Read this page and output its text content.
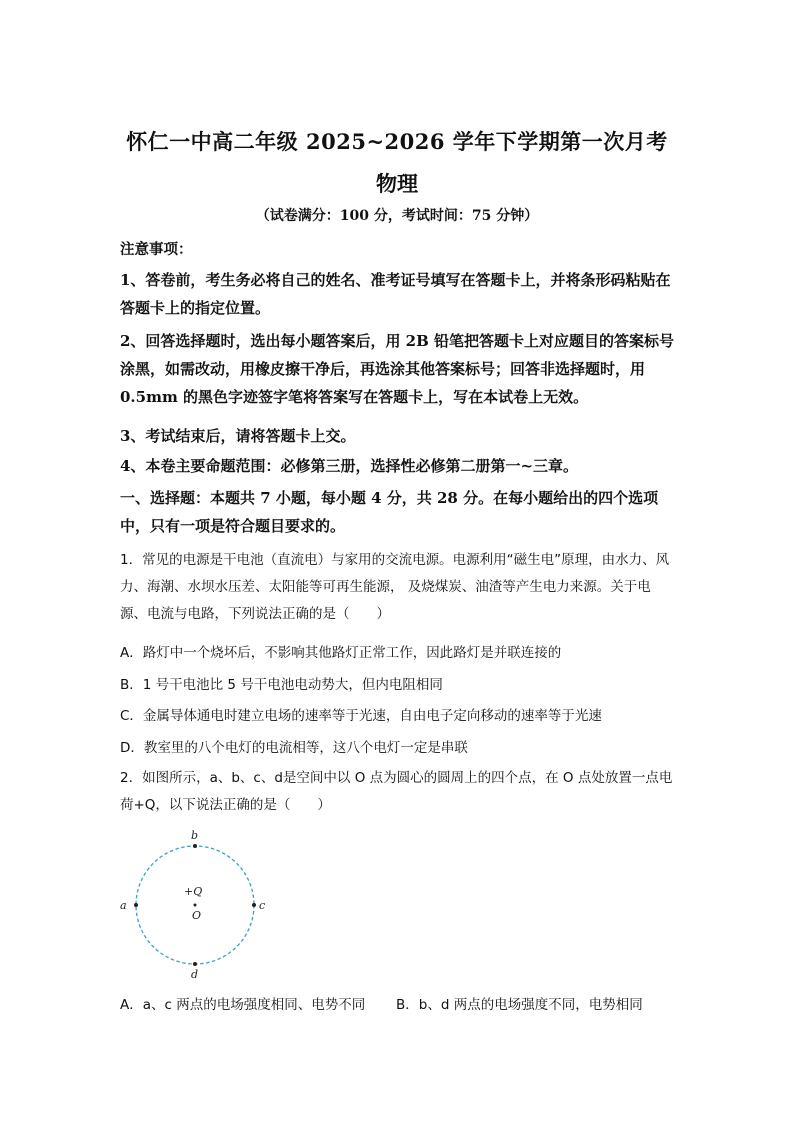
怀仁一中高二年级 2025~2026 学年下学期第一次月考
物理
（试卷满分：100 分，考试时间：75 分钟）
注意事项：
1、答卷前，考生务必将自己的姓名、准考证号填写在答题卡上，并将条形码粘贴在答题卡上的指定位置。
2、回答选择题时，选出每小题答案后，用 2B 铅笔把答题卡上对应题目的答案标号涂黑，如需改动，用橡皮擦干净后，再选涂其他答案标号；回答非选择题时，用 0.5mm 的黑色字迹签字笔将答案写在答题卡上，写在本试卷上无效。
3、考试结束后，请将答题卡上交。
4、本卷主要命题范围：必修第三册，选择性必修第二册第一~三章。
一、选择题：本题共 7 小题，每小题 4 分，共 28 分。在每小题给出的四个选项中，只有一项是符合题目要求的。
1．常见的电源是干电池（直流电）与家用的交流电源。电源利用“磁生电”原理，由水力、风力、海潮、水坝水压差、太阳能等可再生能源， 及烧煤炭、油渣等产生电力来源。关于电源、电流与电路，下列说法正确的是（　　）
A．路灯中一个烧坏后，不影响其他路灯正常工作，因此路灯是并联连接的
B．1 号干电池比 5 号干电池电动势大，但内电阻相同
C．金属导体通电时建立电场的速率等于光速，自由电子定向移动的速率等于光速
D．教室里的八个电灯的电流相等，这八个电灯一定是串联
2．如图所示，a、b、c、d是空间中以 O 点为圆心的圆周上的四个点，在 O 点处放置一点电荷+Q，以下说法正确的是（　　）
a
b
c
d
+Q
O
A．a、c 两点的电场强度相同、电势不同 B．b、d 两点的电场强度不同，电势相同
